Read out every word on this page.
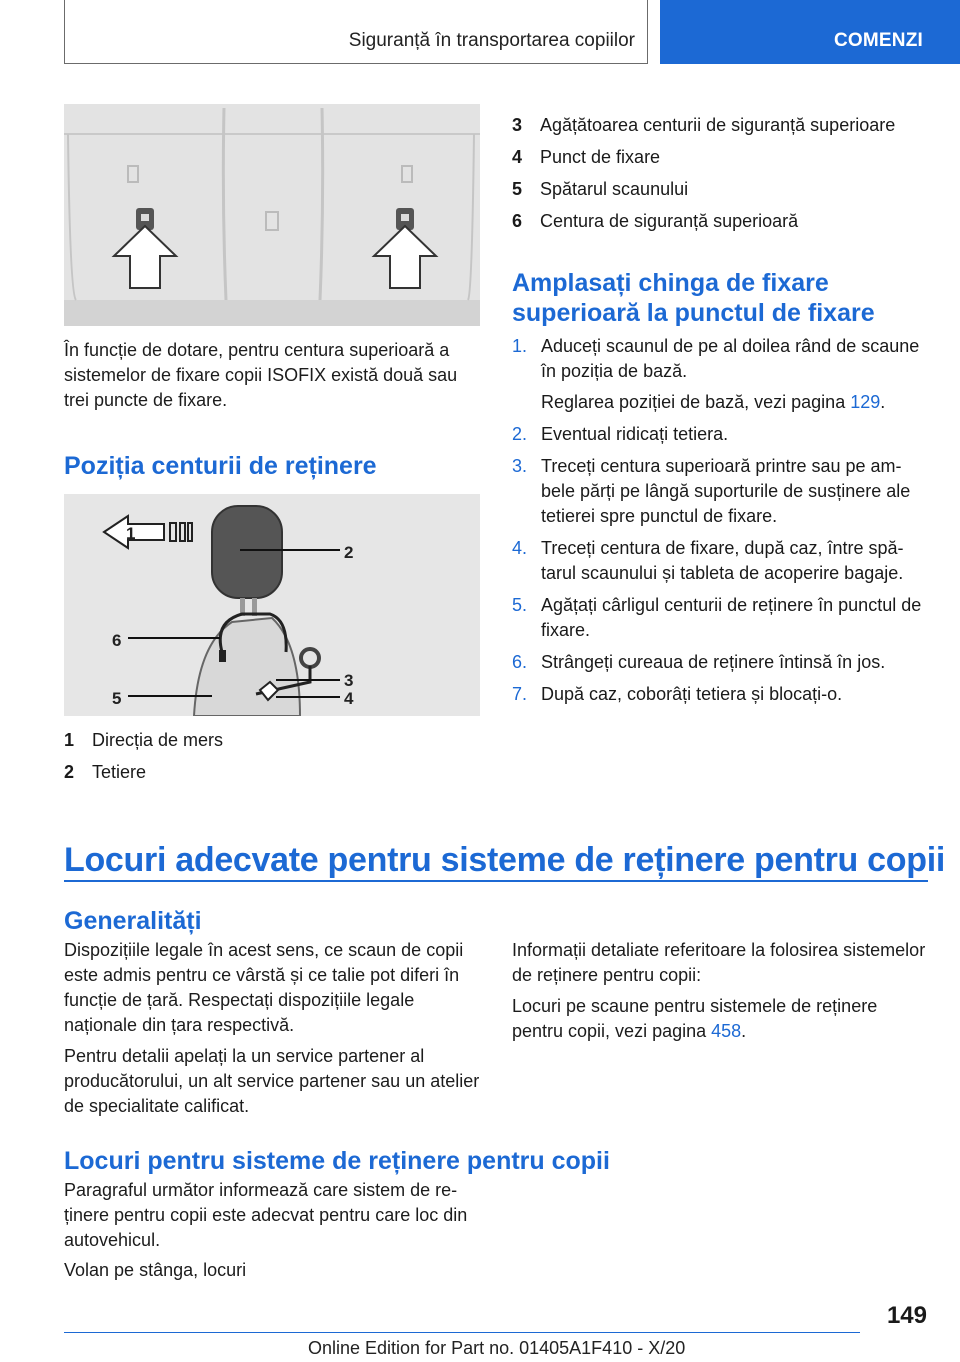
Siguranță în transportarea copiilor	COMENZI

În funcție de dotare, pentru centura superioară a sistemelor de fixare copii ISOFIX există două sau trei puncte de fixare.

Poziția centurii de reținere
1
2
3
4
5
6
1 Direcția de mers
2 Tetiere
3 Agățătoarea centurii de siguranță superioare
4 Punct de fixare
5 Spătarul scaunului
6 Centura de siguranță superioară
Amplasați chinga de fixare
superioară la punctul de fixare
1. Aduceți scaunul de pe al doilea rând de scaune în poziția de bază.
Reglarea poziției de bază, vezi pagina 129.
2. Eventual ridicați tetiera.
3. Treceți centura superioară printre sau pe ambele părți pe lângă suporturile de susținere ale tetierei spre punctul de fixare.
4. Treceți centura de fixare, după caz, între spătarul scaunului și tableta de acoperire bagaje.
5. Agățați cârligul centurii de reținere în punctul de fixare.
6. Strângeți cureaua de reținere întinsă în jos.
7. După caz, coborâți tetiera și blocați-o.
Locuri adecvate pentru sisteme de reținere pentru copii
Generalități

Dispozițiile legale în acest sens, ce scaun de copii este admis pentru ce vârstă și ce talie pot diferi în funcție de țară. Respectați dispozițiile legale naționale din țara respectivă.

Pentru detalii apelați la un service partener al producătorului, un alt service partener sau un atelier de specialitate calificat.

Informații detaliate referitoare la folosirea sistemelor de reținere pentru copii:

Locuri pe scaune pentru sistemele de reținere pentru copii, vezi pagina 458.

Locuri pentru sisteme de reținere pentru copii

Paragraful următor informează care sistem de reținere pentru copii este adecvat pentru care loc din autovehicul.

Volan pe stânga, locuri

149
Online Edition for Part no. 01405A1F410 - X/20
